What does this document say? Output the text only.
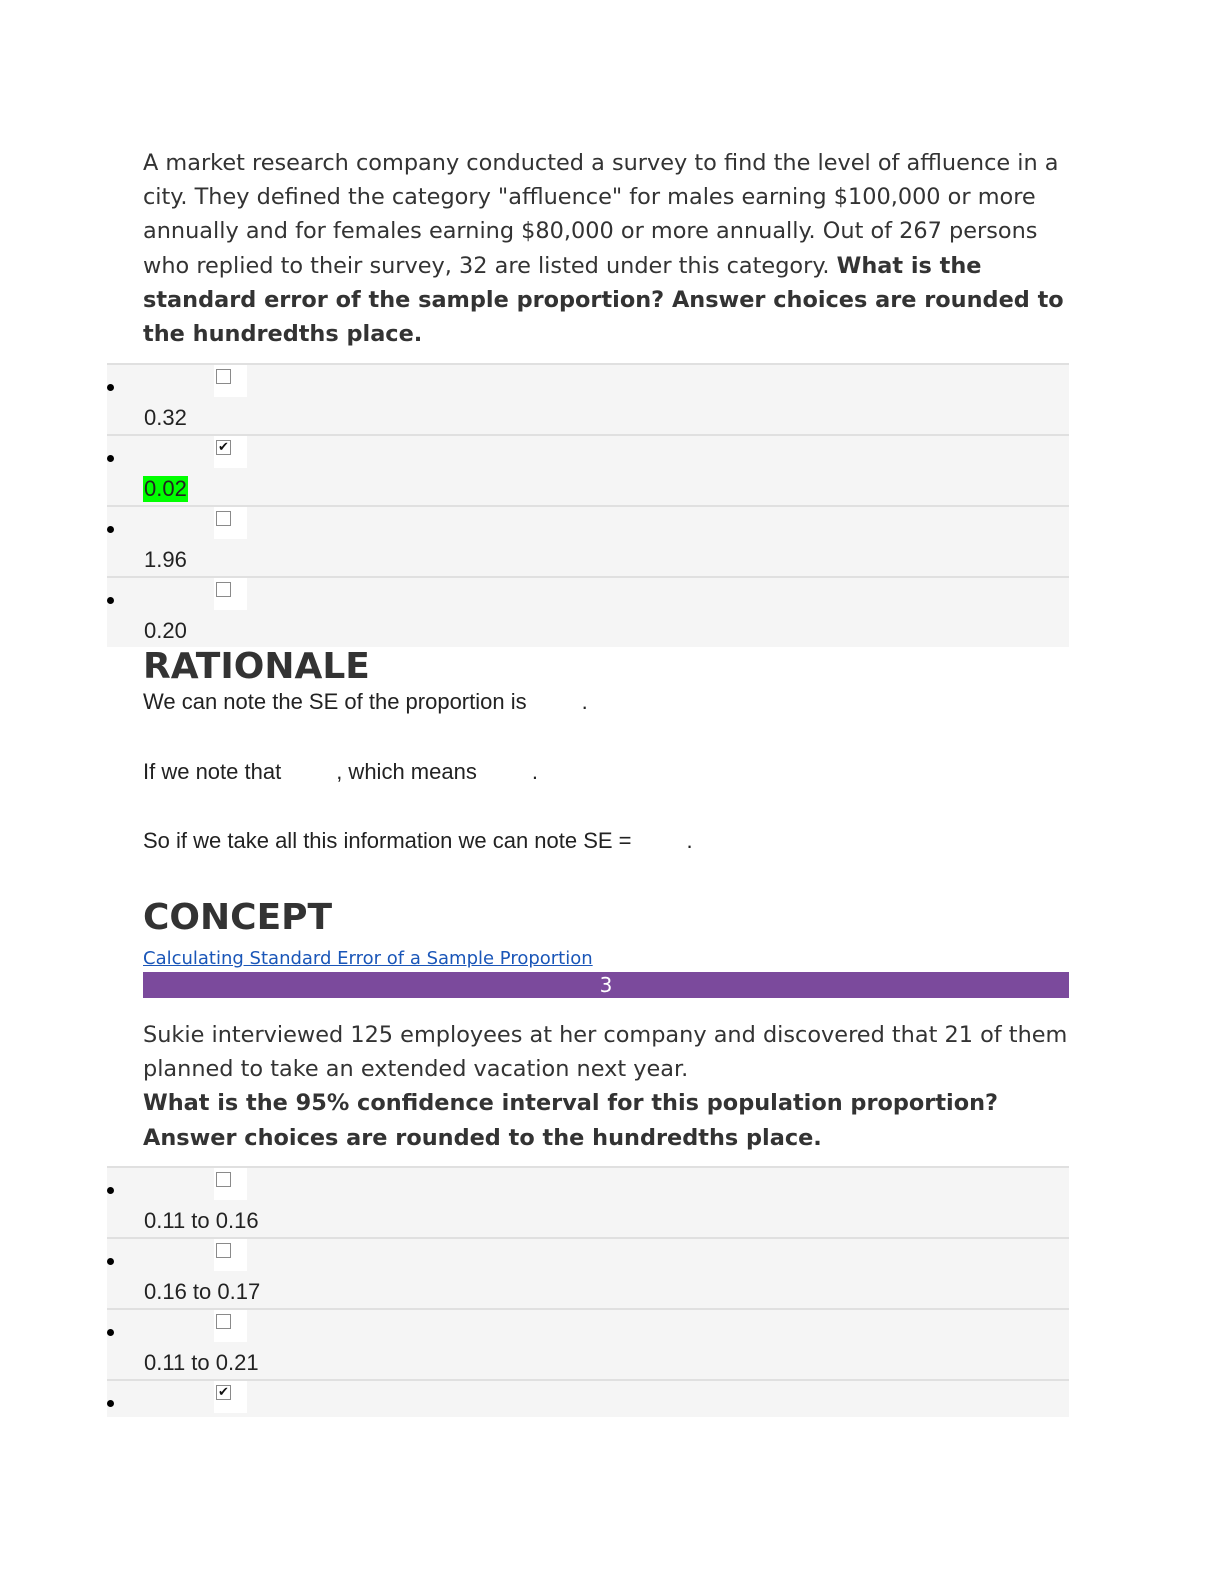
A market research company conducted a survey to find the level of affluence in a city. They defined the category "affluence" for males earning $100,000 or more annually and for females earning $80,000 or more annually. Out of 267 persons who replied to their survey, 32 are listed under this category. What is the standard error of the sample proportion? Answer choices are rounded to the hundredths place.
0.32
✔
0.02
1.96
0.20
RATIONALE
We can note the SE of the proportion is         .
If we note that         , which means         .
So if we take all this information we can note SE =         .
CONCEPT
Calculating Standard Error of a Sample Proportion
3
Sukie interviewed 125 employees at her company and discovered that 21 of them planned to take an extended vacation next year.
What is the 95% confidence interval for this population proportion? Answer choices are rounded to the hundredths place.
0.11 to 0.16
0.16 to 0.17
0.11 to 0.21
✔
